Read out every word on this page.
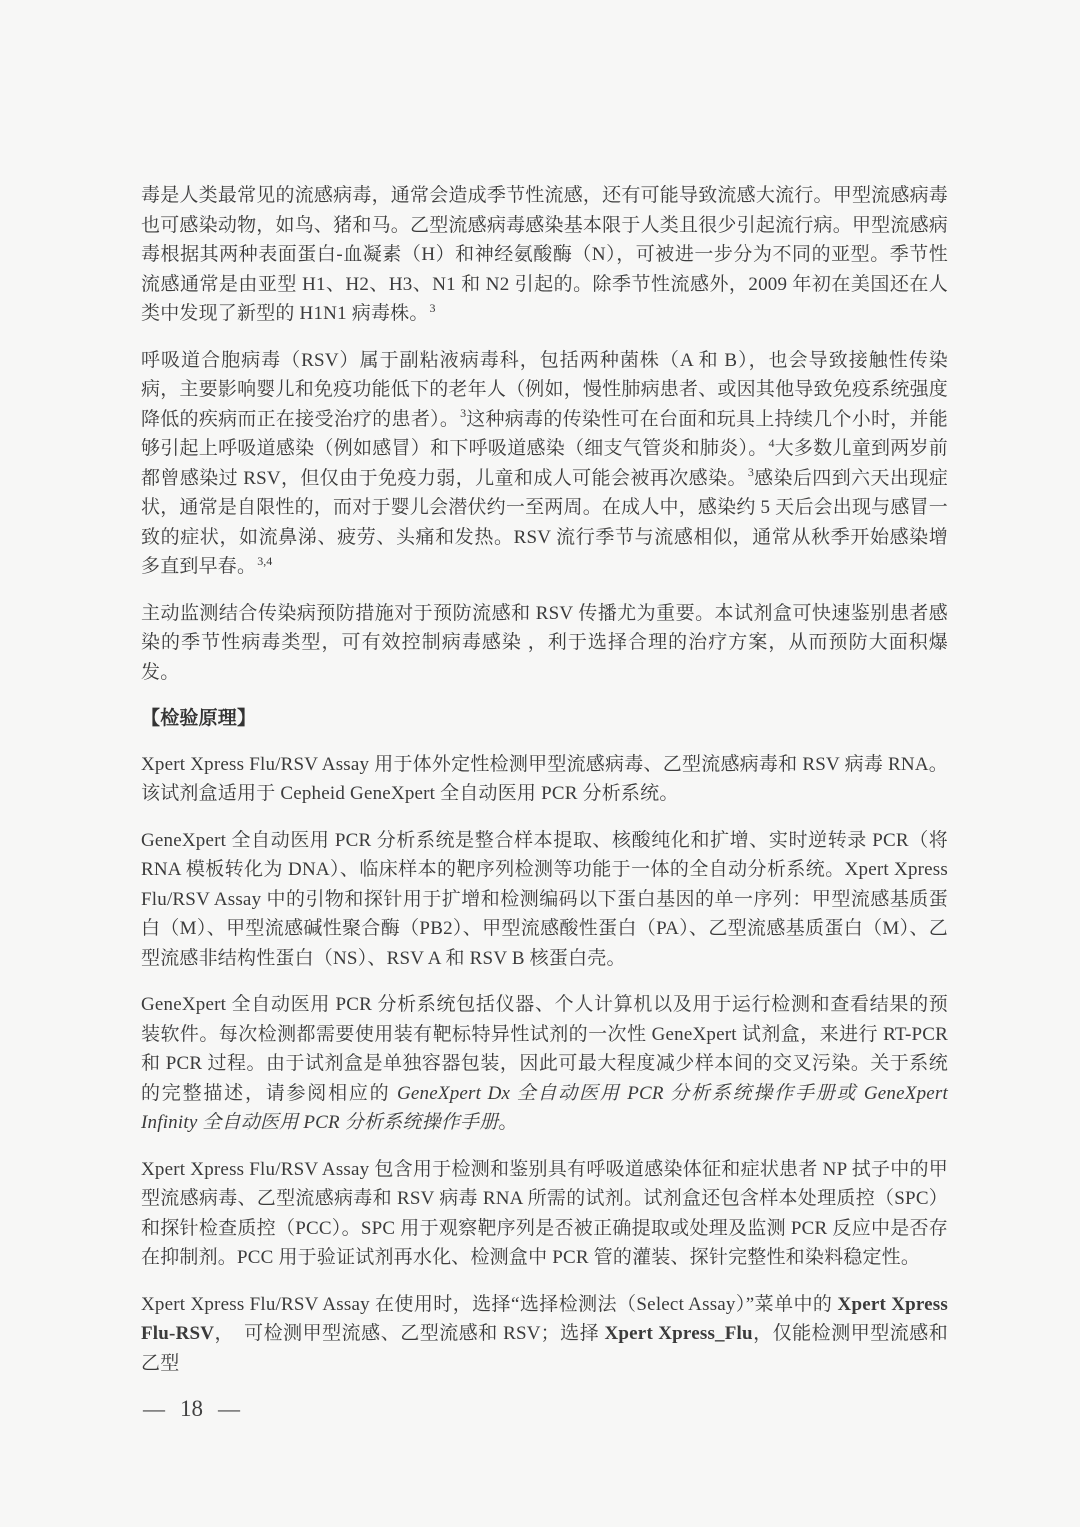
毒是人类最常见的流感病毒，通常会造成季节性流感，还有可能导致流感大流行。甲型流感病毒也可感染动物，如鸟、猪和马。乙型流感病毒感染基本限于人类且很少引起流行病。甲型流感病毒根据其两种表面蛋白-血凝素（H）和神经氨酸酶（N），可被进一步分为不同的亚型。季节性流感通常是由亚型 H1、H2、H3、N1 和 N2 引起的。除季节性流感外，2009 年初在美国还在人类中发现了新型的 H1N1 病毒株。$^3$

呼吸道合胞病毒（RSV）属于副粘液病毒科，包括两种菌株（A 和 B），也会导致接触性传染病，主要影响婴儿和免疫功能低下的老年人（例如，慢性肺病患者、或因其他导致免疫系统强度降低的疾病而正在接受治疗的患者）。$^3$这种病毒的传染性可在台面和玩具上持续几个小时，并能够引起上呼吸道感染（例如感冒）和下呼吸道感染（细支气管炎和肺炎）。$^4$大多数儿童到两岁前都曾感染过 RSV，但仅由于免疫力弱，儿童和成人可能会被再次感染。$^3$感染后四到六天出现症状，通常是自限性的，而对于婴儿会潜伏约一至两周。在成人中，感染约 5 天后会出现与感冒一致的症状，如流鼻涕、疲劳、头痛和发热。RSV 流行季节与流感相似，通常从秋季开始感染增多直到早春。$^{3,4}$

主动监测结合传染病预防措施对于预防流感和 RSV 传播尤为重要。本试剂盒可快速鉴别患者感染的季节性病毒类型，可有效控制病毒感染 ，利于选择合理的治疗方案，从而预防大面积爆发。

【检验原理】

Xpert Xpress Flu/RSV Assay 用于体外定性检测甲型流感病毒、乙型流感病毒和 RSV 病毒 RNA。该试剂盒适用于 Cepheid GeneXpert 全自动医用 PCR 分析系统。

GeneXpert 全自动医用 PCR 分析系统是整合样本提取、核酸纯化和扩增、实时逆转录 PCR（将 RNA 模板转化为 DNA）、临床样本的靶序列检测等功能于一体的全自动分析系统。Xpert Xpress Flu/RSV Assay 中的引物和探针用于扩增和检测编码以下蛋白基因的单一序列：甲型流感基质蛋白（M）、甲型流感碱性聚合酶（PB2）、甲型流感酸性蛋白（PA）、乙型流感基质蛋白（M）、乙型流感非结构性蛋白（NS）、RSV A 和 RSV B 核蛋白壳。

GeneXpert 全自动医用 PCR 分析系统包括仪器、个人计算机以及用于运行检测和查看结果的预装软件。每次检测都需要使用装有靶标特异性试剂的一次性 GeneXpert 试剂盒，来进行 RT-PCR 和 PCR 过程。由于试剂盒是单独容器包装，因此可最大程度减少样本间的交叉污染。关于系统的完整描述，请参阅相应的 GeneXpert Dx 全自动医用 PCR 分析系统操作手册或 GeneXpert Infinity 全自动医用 PCR 分析系统操作手册。

Xpert Xpress Flu/RSV Assay 包含用于检测和鉴别具有呼吸道感染体征和症状患者 NP 拭子中的甲型流感病毒、乙型流感病毒和 RSV 病毒 RNA 所需的试剂。试剂盒还包含样本处理质控（SPC）和探针检查质控（PCC）。SPC 用于观察靶序列是否被正确提取或处理及监测 PCR 反应中是否存在抑制剂。PCC 用于验证试剂再水化、检测盒中 PCR 管的灌装、探针完整性和染料稳定性。

Xpert Xpress Flu/RSV Assay 在使用时，选择“选择检测法（Select Assay）”菜单中的 Xpert Xpress Flu-RSV，　可检测甲型流感、乙型流感和 RSV；选择 Xpert Xpress_Flu，仅能检测甲型流感和乙型

— 18 —
